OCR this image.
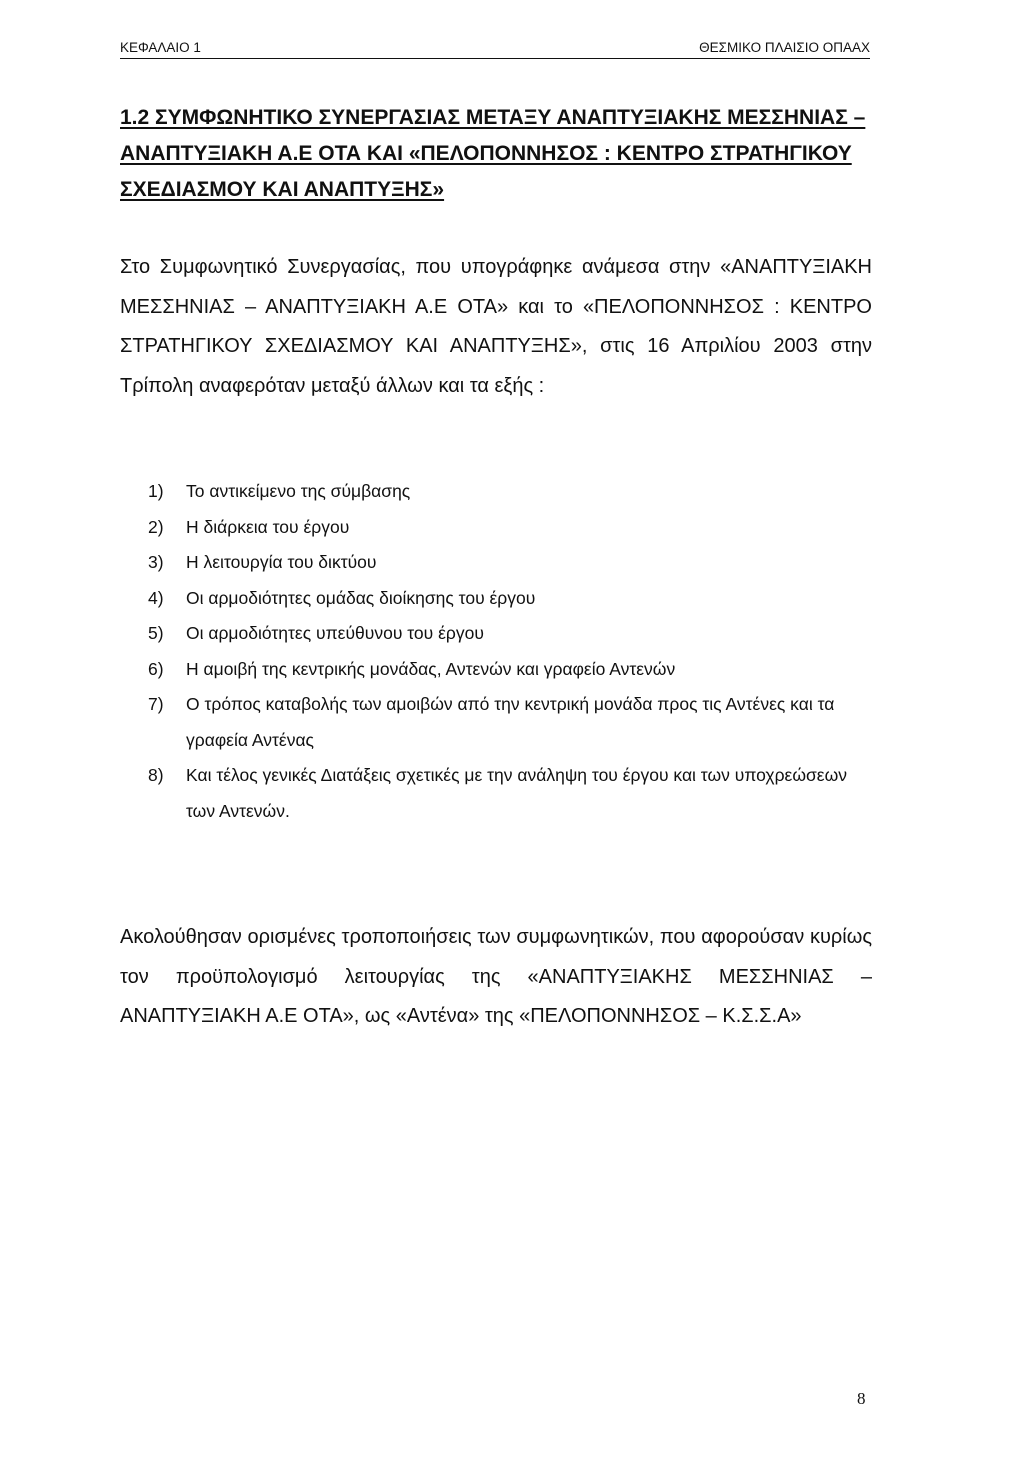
ΚΕΦΑΛΑΙΟ 1	ΘΕΣΜΙΚΟ ΠΛΑΙΣΙΟ ΟΠΑΑΧ
1.2 ΣΥΜΦΩΝΗΤΙΚΟ ΣΥΝΕΡΓΑΣΙΑΣ ΜΕΤΑΞΥ ΑΝΑΠΤΥΞΙΑΚΗΣ ΜΕΣΣΗΝΙΑΣ – ΑΝΑΠΤΥΞΙΑΚΗ Α.Ε ΟΤΑ ΚΑΙ «ΠΕΛΟΠΟΝΝΗΣΟΣ : ΚΕΝΤΡΟ ΣΤΡΑΤΗΓΙΚΟΥ ΣΧΕΔΙΑΣΜΟΥ ΚΑΙ ΑΝΑΠΤΥΞΗΣ»
Στο Συμφωνητικό Συνεργασίας, που υπογράφηκε ανάμεσα στην «ΑΝΑΠΤΥΞΙΑΚΗ ΜΕΣΣΗΝΙΑΣ – ΑΝΑΠΤΥΞΙΑΚΗ Α.Ε ΟΤΑ» και το «ΠΕΛΟΠΟΝΝΗΣΟΣ : ΚΕΝΤΡΟ ΣΤΡΑΤΗΓΙΚΟΥ ΣΧΕΔΙΑΣΜΟΥ ΚΑΙ ΑΝΑΠΤΥΞΗΣ», στις 16 Απριλίου 2003 στην Τρίπολη αναφερόταν μεταξύ άλλων και τα εξής :
1) Το αντικείμενο της σύμβασης
2) Η διάρκεια του έργου
3) Η λειτουργία του δικτύου
4) Οι αρμοδιότητες ομάδας διοίκησης του έργου
5) Οι αρμοδιότητες υπεύθυνου του έργου
6) Η αμοιβή της κεντρικής μονάδας, Αντενών και γραφείο Αντενών
7) Ο τρόπος καταβολής των αμοιβών από την κεντρική μονάδα προς τις Αντένες και τα γραφεία Αντένας
8) Και τέλος γενικές Διατάξεις σχετικές με την ανάληψη του έργου και των υποχρεώσεων των Αντενών.
Ακολούθησαν ορισμένες τροποποιήσεις των συμφωνητικών, που αφορούσαν κυρίως τον προϋπολογισμό λειτουργίας της «ΑΝΑΠΤΥΞΙΑΚΗΣ ΜΕΣΣΗΝΙΑΣ – ΑΝΑΠΤΥΞΙΑΚΗ Α.Ε ΟΤΑ», ως «Αντένα» της «ΠΕΛΟΠΟΝΝΗΣΟΣ – Κ.Σ.Σ.Α»
8
